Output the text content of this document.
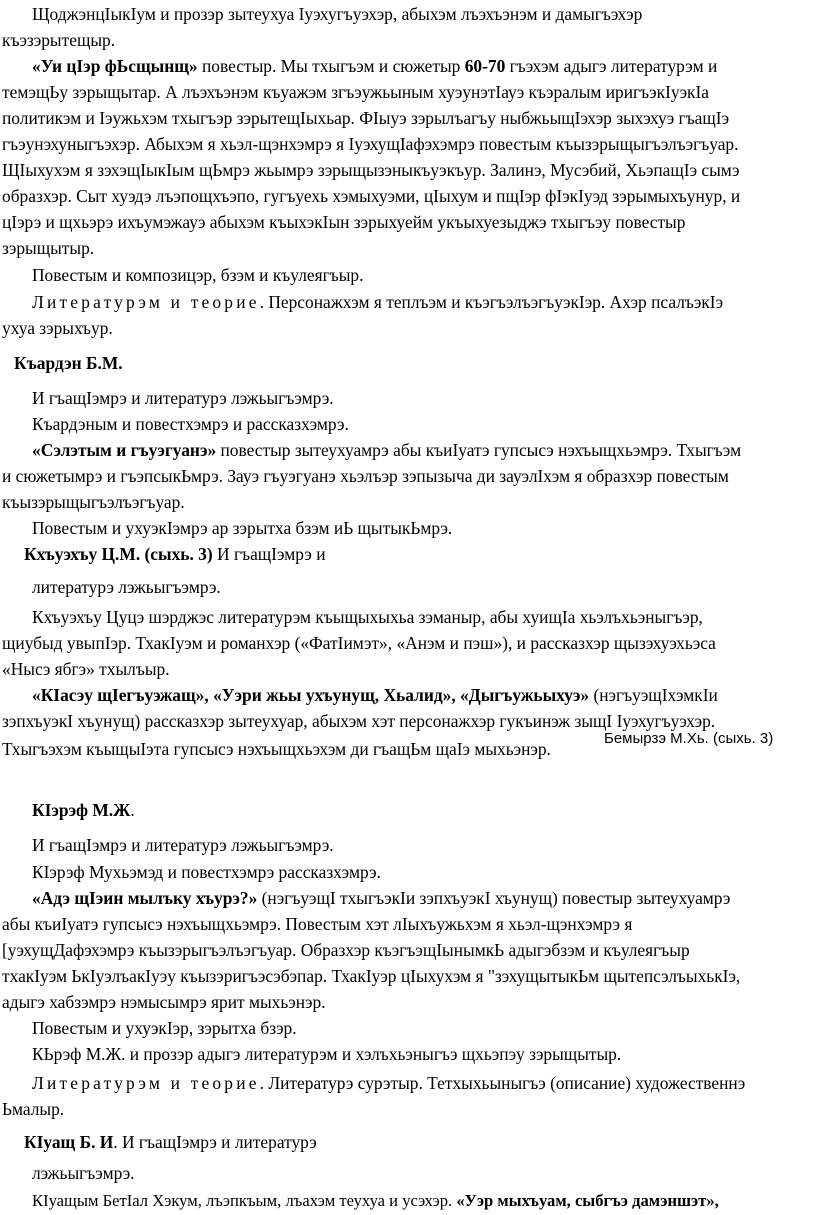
ЩоджэнцIыкIум и прозэр зытеухуа Iуэхугъуэхэр, абыхэм лъэхъэнэм и дамыгъэхэр
къэзэрытещыр.
«Уи цIэр фЬсщынщ» повестыр. Мы тхыгъэм и сюжетыр 60-70 гъэхэм адыгэ литературэм и
темэщЬу зэрыщытар. А лъэхъэнэм къуажэм згъэужьыным хуэунэтIауэ къэралым иригъэкIуэкIа
политикэм и Iэужьхэм тхыгъэр зэрытещIыхьар. ФIыуэ зэрылъагъу ныбжьыщIэхэр зыхэхуэ гъащIэ
гъэунэхуныгъэхэр. Абыхэм я хьэл-щэнхэмрэ я IуэхущIафэхэмрэ повестым къызэрыщыгъэлъэгъуар.
ЩIыхухэм я зэхэщIыкIым щЬмрэ жьымрэ зэрыщызэныкъуэкъур. Залинэ, Мусэбий, ХьэпащIэ сымэ
образхэр. Сыт хуэдэ лъэпощхъэпо, гугъуехь хэмыхуэми, цIыхум и пщIэр фIэкIуэд зэрымыхъунур, и
цIэрэ и щхьэрэ ихъумэжауэ абыхэм къыхэкIын зэрыхуейм укъыхуезыджэ тхыгъэу повестыр
зэрыщытыр.
Повестым и композицэр, бзэм и къулеягъыр.
Литературэм и теорие. Персонажхэм я теплъэм и къэгъэлъэгъуэкIэр. Ахэр псалъэкIэ
ухуа зэрыхъур.
Къардэн Б.М.
И гъащIэмрэ и литературэ лэжьыгъэмрэ.
Къардэным и повестхэмрэ и рассказхэмрэ.
«Сэлэтым и гъуэгуанэ» повестыр зытеухуамрэ абы къиIуатэ гупсысэ нэхъыщхьэмрэ. Тхыгъэм
и сюжетымрэ и гъэпсыкЬмрэ. Зауэ гъуэгуанэ хьэлъэр зэпызыча ди зауэлIхэм я образхэр повестым
къызэрыщыгъэлъэгъуар.
Повестым и ухуэкIэмрэ ар зэрытха бзэм иЬ щытыкЬмрэ.
Кхъуэхъу Ц.М. (сыхь. 3) И гъащIэмрэ и
литературэ лэжьыгъэмрэ.
Кхъуэхъу Цуцэ шэрджэс литературэм къыщыхыхьа зэманыр, абы хуищIа хьэлъхьэныгъэр,
щиубыд увыпIэр. ТхакIуэм и романхэр («ФатIимэт», «Анэм и пэш»), и рассказхэр щызэхуэхьэса
«Нысэ ябгэ» тхылъыр.
«КIасэу щIегъуэжащ», «Уэри жьы ухъунущ, Хьалид», «Дыгъужьыхуэ» (нэгъуэщIхэмкIи
зэпхъуэкI хъунущ) рассказхэр зытеухуар, абыхэм хэт персонажхэр гукъинэж зыщI Iуэхугъуэхэр.
Тхыгъэхэм къыщыIэта гупсысэ нэхъыщхьэхэм ди гъащЬм щаIэ мыхьэнэр.
Бемырзэ М.Хь. (сыхь. 3)
КIэрэф М.Ж.
И гъащIэмрэ и литературэ лэжьыгъэмрэ.
КIэрэф Мухьэмэд и повестхэмрэ рассказхэмрэ.
«Адэ щIэин мылъку хъурэ?» (нэгъуэщI тхыгъэкIи зэпхъуэкI хъунущ) повестыр зытеухуамрэ
абы къиIуатэ гупсысэ нэхъыщхьэмрэ. Повестым хэт лIыхъужьхэм я хьэл-щэнхэмрэ я
[уэхущДафэхэмрэ къызэрыгъэлъэгъуар. Образхэр къэгъэщIынымкЬ адыгэбзэм и къулеягъыр
тхакIуэм ЬкIуэлъакIуэу къызэригъэсэбэпар. ТхакIуэр цIыхухэм я "зэхущытыкЬм щытепсэлъыхькIэ,
адыгэ хабзэмрэ нэмысымрэ ярит мыхьэнэр.
Повестым и ухуэкIэр, зэрытха бзэр.
КЬрэф М.Ж. и прозэр адыгэ литературэм и хэлъхьэныгъэ щхьэпэу зэрыщытыр.
Литературэм и теорие. Литературэ сурэтыр. Тетхыхьыныгъэ (описание) художественнэ
Ьмалыр.
КIуащ Б. И. И гъащIэмрэ и литературэ
лэжьыгъэмрэ.
КIуащым БетIал Хэкум, лъэпкъым, лъахэм теухуа и усэхэр. «Уэр мыхъуам, сыбгъэ дамэншэт»,
